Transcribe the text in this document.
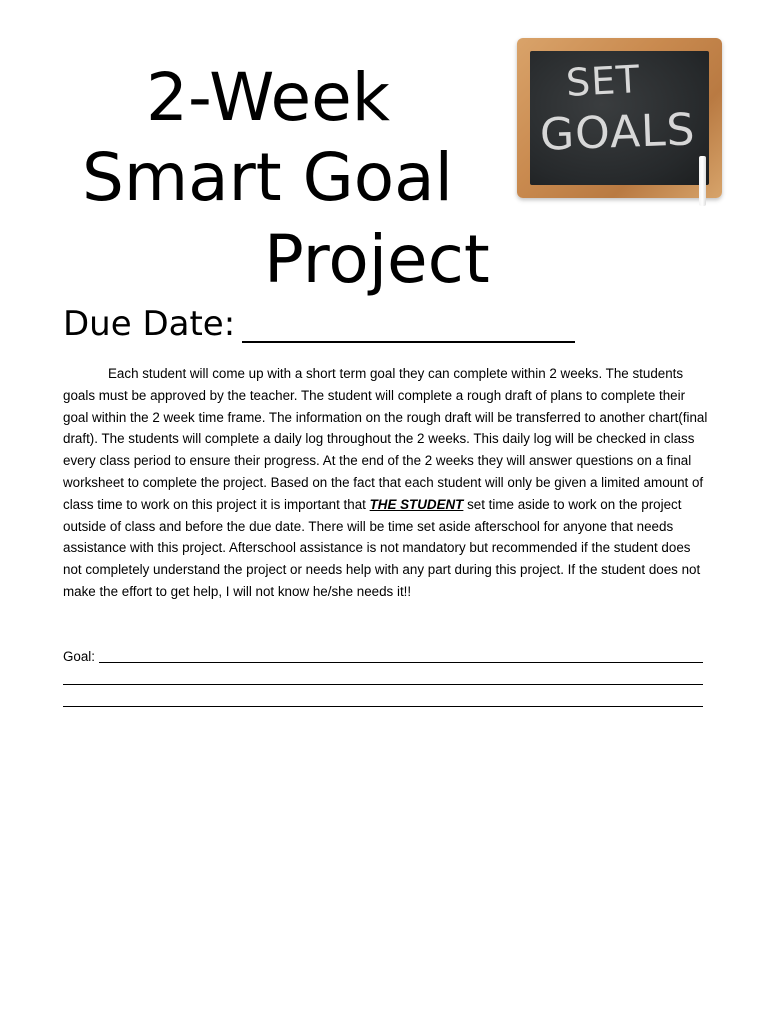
2-Week
Smart Goal
Project
SET
GOALS
Due Date:

Each student will come up with a short term goal they can complete within 2 weeks. The students goals must be approved by the teacher. The student will complete a rough draft of plans to complete their goal within the 2 week time frame. The information on the rough draft will be transferred to another chart(final draft). The students will complete a daily log throughout the 2 weeks. This daily log will be checked in class every class period to ensure their progress. At the end of the 2 weeks they will answer questions on a final worksheet to complete the project. Based on the fact that each student will only be given a limited amount of class time to work on this project it is important that THE STUDENT set time aside to work on the project outside of class and before the due date. There will be time set aside afterschool for anyone that needs assistance with this project. Afterschool assistance is not mandatory but recommended if the student does not completely understand the project or needs help with any part during this project. If the student does not make the effort to get help, I will not know he/she needs it!!

Goal:
